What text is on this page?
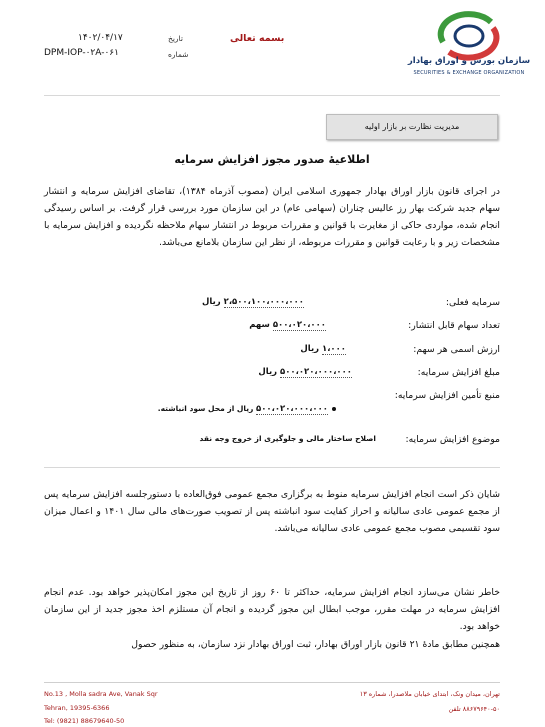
سازمان بورس و اوراق بهادار
SECURITIES & EXCHANGE ORGANIZATION
بسمه تعالی
۱۴۰۲/۰۴/۱۷	تاریخ
DPM-IOP-۰۲A-۰۶۱	شماره
مدیریت نظارت بر بازار اولیه
اطلاعیهٔ صدور مجوز افزایش سرمایه
در اجرای قانون بازار اوراق بهادار جمهوری اسلامی ایران (مصوب آذرماه ۱۳۸۴)، تقاضای افزایش سرمایه و انتشار سهام جدید شرکت بهار رز عالیس چناران (سهامی عام) در این سازمان مورد بررسی قرار گرفت. بر اساس رسیدگی انجام شده، مواردی حاکی از مغایرت با قوانین و مقررات مربوط در انتشار سهام ملاحظه نگردیده و افزایش سرمایه با مشخصات زیر و با رعایت قوانین و مقررات مربوطه، از نظر این سازمان بلامانع می‌باشد.
سرمایه فعلی:
۲،۵۰۰،۱۰۰،۰۰۰،۰۰۰ ریال
تعداد سهام قابل انتشار:
۵۰۰،۰۲۰،۰۰۰ سهم
ارزش اسمی هر سهم:
۱،۰۰۰ ریال
مبلغ افزایش سرمایه:
۵۰۰،۰۲۰،۰۰۰،۰۰۰ ریال
منبع تأمین افزایش سرمایه:
۵۰۰،۰۲۰،۰۰۰،۰۰۰ ریال از محل سود انباشته.
موضوع افزایش سرمایه:
اصلاح ساختار مالی و جلوگیری از خروج وجه نقد
شایان ذکر است انجام افزایش سرمایه منوط به برگزاری مجمع عمومی فوق‌العاده با دستورجلسه افزایش سرمایه پس از مجمع عمومی عادی سالیانه و احراز کفایت سود انباشته پس از تصویب صورت‌های مالی سال ۱۴۰۱ و اعمال میزان سود تقسیمی مصوب مجمع عمومی عادی سالیانه می‌باشد.
خاطر نشان می‌سازد انجام افزایش سرمایه، حداکثر تا ۶۰ روز از تاریخ این مجوز امکان‌پذیر خواهد بود. عدم انجام افزایش سرمایه در مهلت مقرر، موجب ابطال این مجوز گردیده و انجام آن مستلزم اخذ مجوز جدید از این سازمان خواهد بود.
همچنین مطابق مادهٔ ۲۱ قانون بازار اوراق بهادار، ثبت اوراق بهادار نزد سازمان، به منظور حصول
No.13 , Molla sadra Ave, Vanak Sqr
Tehran, 19395-6366
Tel: (9821) 88679640-50
تهران، میدان ونک، ابتدای خیابان ملاصدرا، شماره ۱۳
۸۸۶۷۹۶۴۰-۵۰ تلفن
